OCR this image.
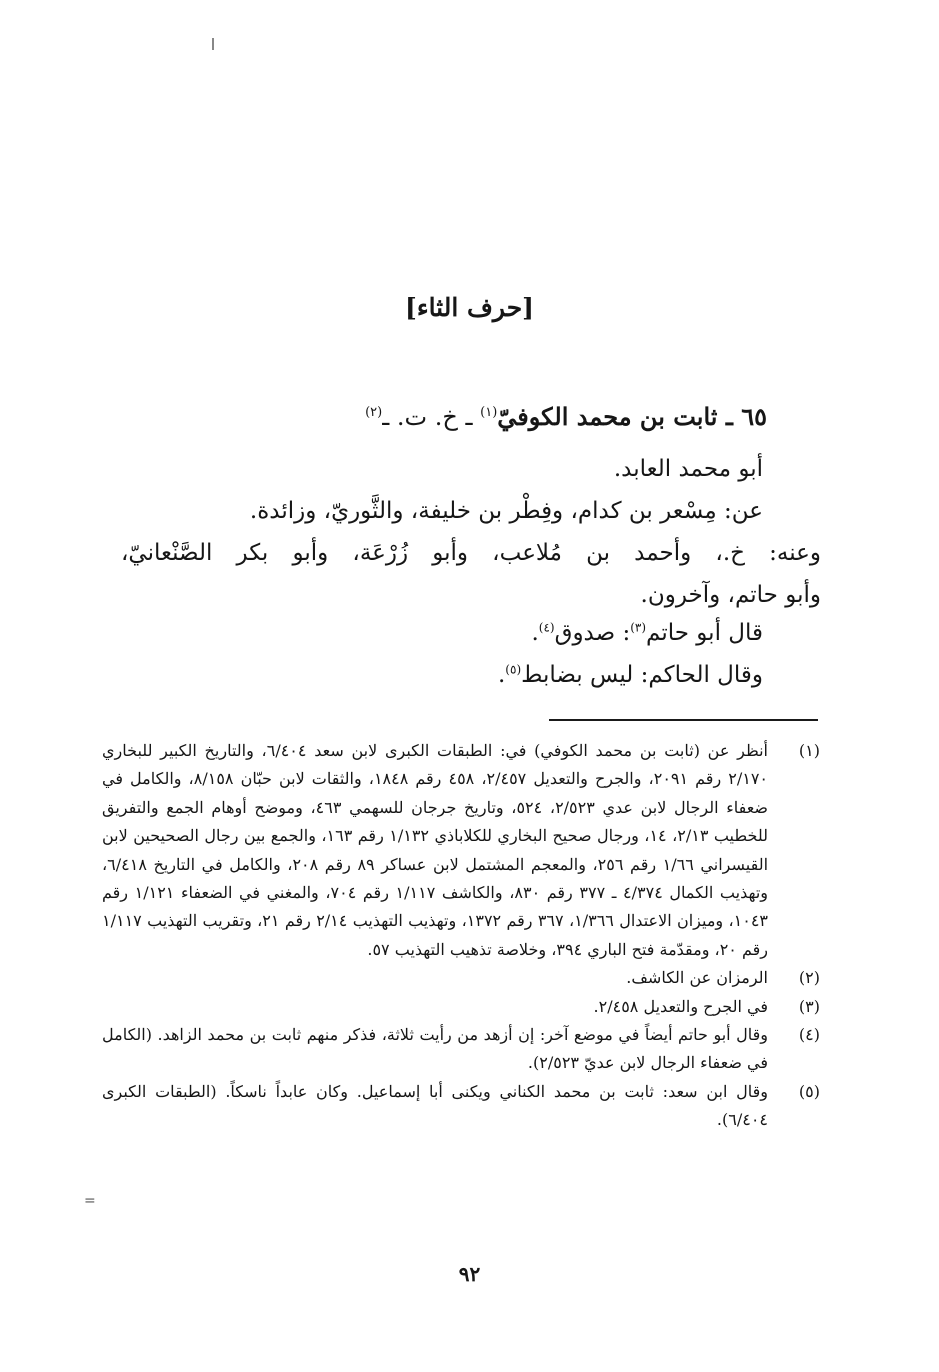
[حرف الثاء]
٦٥ ـ ثابت بن محمد الكوفيّ$^{(١)}$ ـ خ. ت. ـ$^{(٢)}$
أبو محمد العابد.
عن: مِسْعر بن كدام، وفِطْر بن خليفة، والثَّوريّ، وزائدة.
وعنه: خ.، وأحمد بن مُلاعب، وأبو زُرْعَة، وأبو بكر الصَّنْعانيّ،
وأبو حاتم، وآخرون.
قال أبو حاتم$^{(٣)}$: صدوق$^{(٤)}$.
وقال الحاكم: ليس بضابط$^{(٥)}$.
(١)
أنظر عن (ثابت بن محمد الكوفي) في: الطبقات الكبرى لابن سعد ٦/٤٠٤، والتاريخ الكبير للبخاري ٢/١٧٠ رقم ٢٠٩١، والجرح والتعديل ٢/٤٥٧، ٤٥٨ رقم ١٨٤٨، والثقات لابن حبّان ٨/١٥٨، والكامل في ضعفاء الرجال لابن عدي ٢/٥٢٣، ٥٢٤، وتاريخ جرجان للسهمي ٤٦٣، وموضح أوهام الجمع والتفريق للخطيب ٢/١٣، ١٤، ورجال صحيح البخاري للكلاباذي ١/١٣٢ رقم ١٦٣، والجمع بين رجال الصحيحين لابن القيسراني ١/٦٦ رقم ٢٥٦، والمعجم المشتمل لابن عساكر ٨٩ رقم ٢٠٨، والكامل في التاريخ ٦/٤١٨، وتهذيب الكمال ٤/٣٧٤ ـ ٣٧٧ رقم ٨٣٠، والكاشف ١/١١٧ رقم ٧٠٤، والمغني في الضعفاء ١/١٢١ رقم ١٠٤٣، وميزان الاعتدال ١/٣٦٦، ٣٦٧ رقم ١٣٧٢، وتهذيب التهذيب ٢/١٤ رقم ٢١، وتقريب التهذيب ١/١١٧ رقم ٢٠، ومقدّمة فتح الباري ٣٩٤، وخلاصة تذهيب التهذيب ٥٧.
(٢)
الرمزان عن الكاشف.
(٣)
في الجرح والتعديل ٢/٤٥٨.
(٤)
وقال أبو حاتم أيضاً في موضع آخر: إن أزهد من رأيت ثلاثة، فذكر منهم ثابت بن محمد الزاهد. (الكامل في ضعفاء الرجال لابن عديّ ٢/٥٢٣).
(٥)
وقال ابن سعد: ثابت بن محمد الكناني ويكنى أبا إسماعيل. وكان عابداً ناسكاً. (الطبقات الكبرى ٦/٤٠٤).
=
٩٢
